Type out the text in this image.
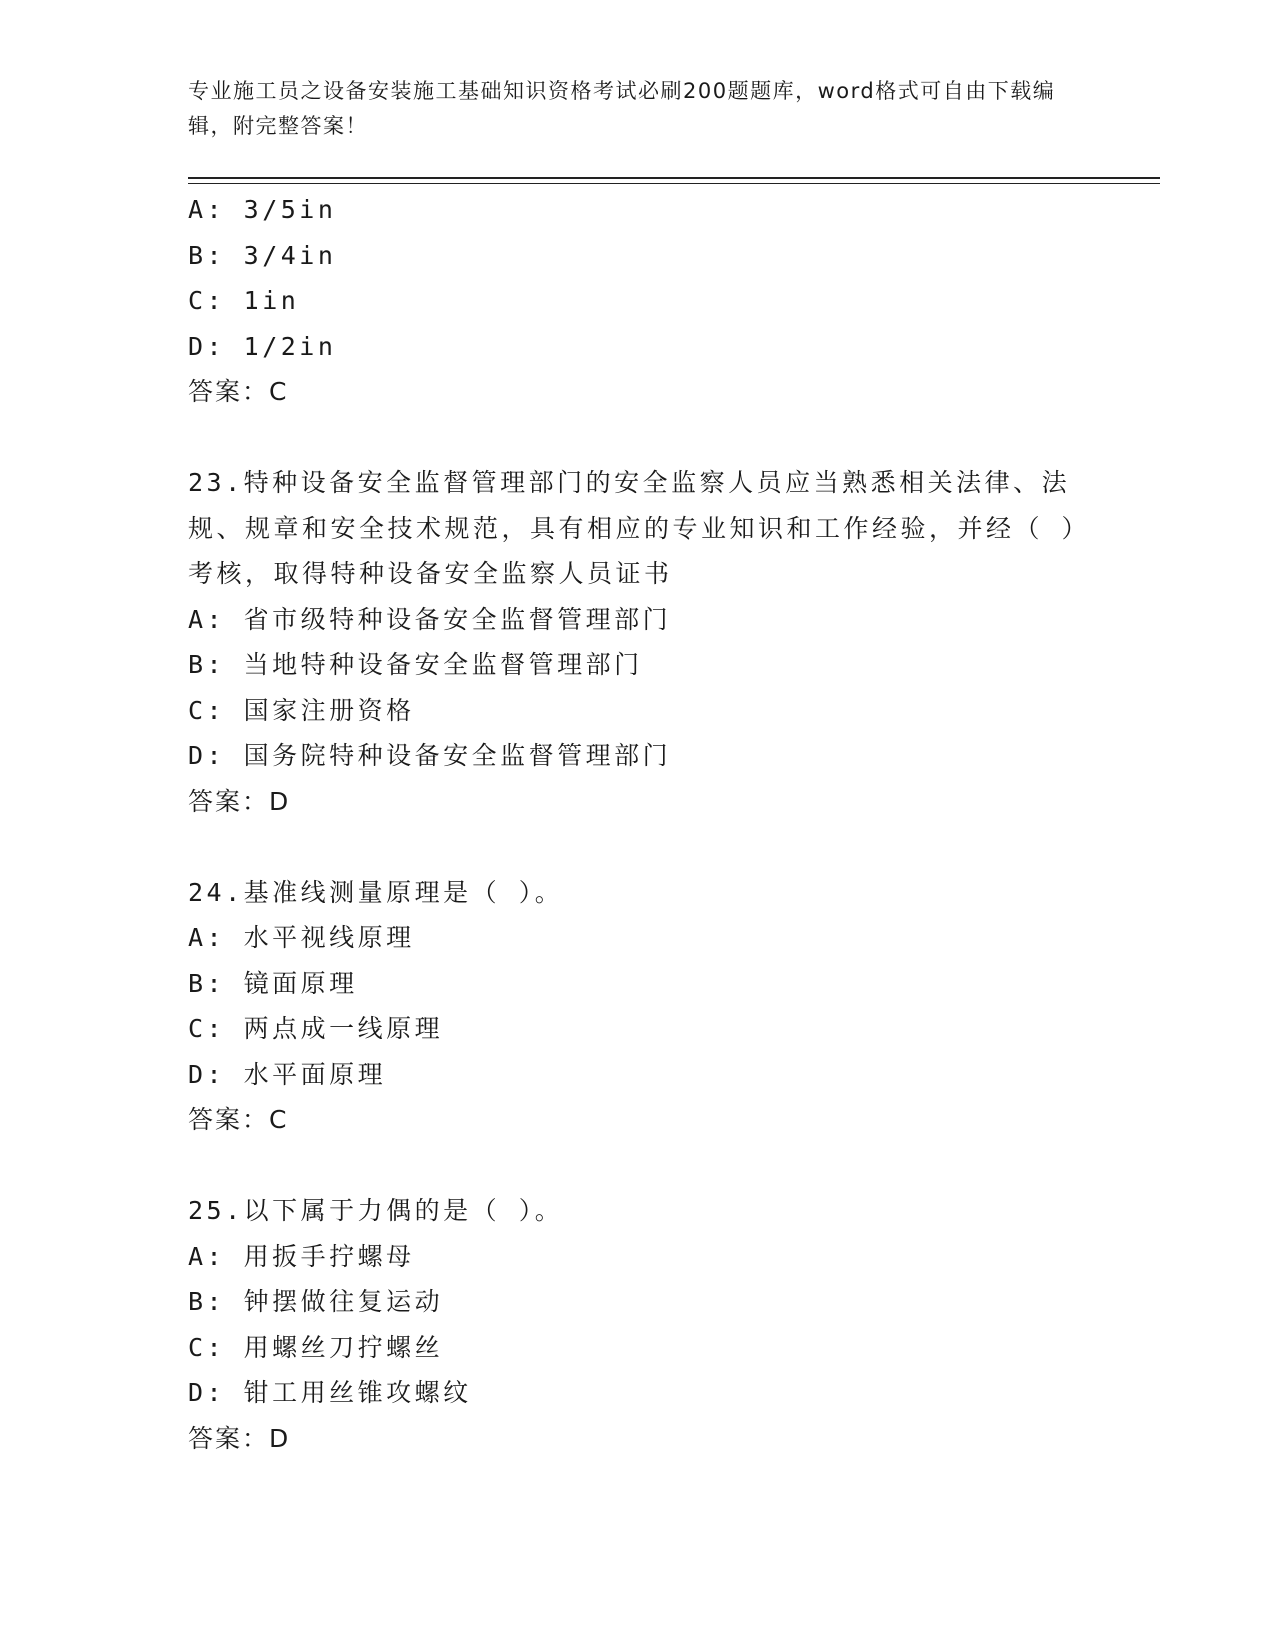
专业施工员之设备安装施工基础知识资格考试必刷200题题库，word格式可自由下载编辑，附完整答案！
A: 3/5in
B: 3/4in
C: 1in
D: 1/2in
答案：C
23.特种设备安全监督管理部门的安全监察人员应当熟悉相关法律、法规、规章和安全技术规范，具有相应的专业知识和工作经验，并经（ ）考核，取得特种设备安全监察人员证书
A: 省市级特种设备安全监督管理部门
B: 当地特种设备安全监督管理部门
C: 国家注册资格
D: 国务院特种设备安全监督管理部门
答案：D
24.基准线测量原理是（ ）。
A: 水平视线原理
B: 镜面原理
C: 两点成一线原理
D: 水平面原理
答案：C
25.以下属于力偶的是（ ）。
A: 用扳手拧螺母
B: 钟摆做往复运动
C: 用螺丝刀拧螺丝
D: 钳工用丝锥攻螺纹
答案：D
